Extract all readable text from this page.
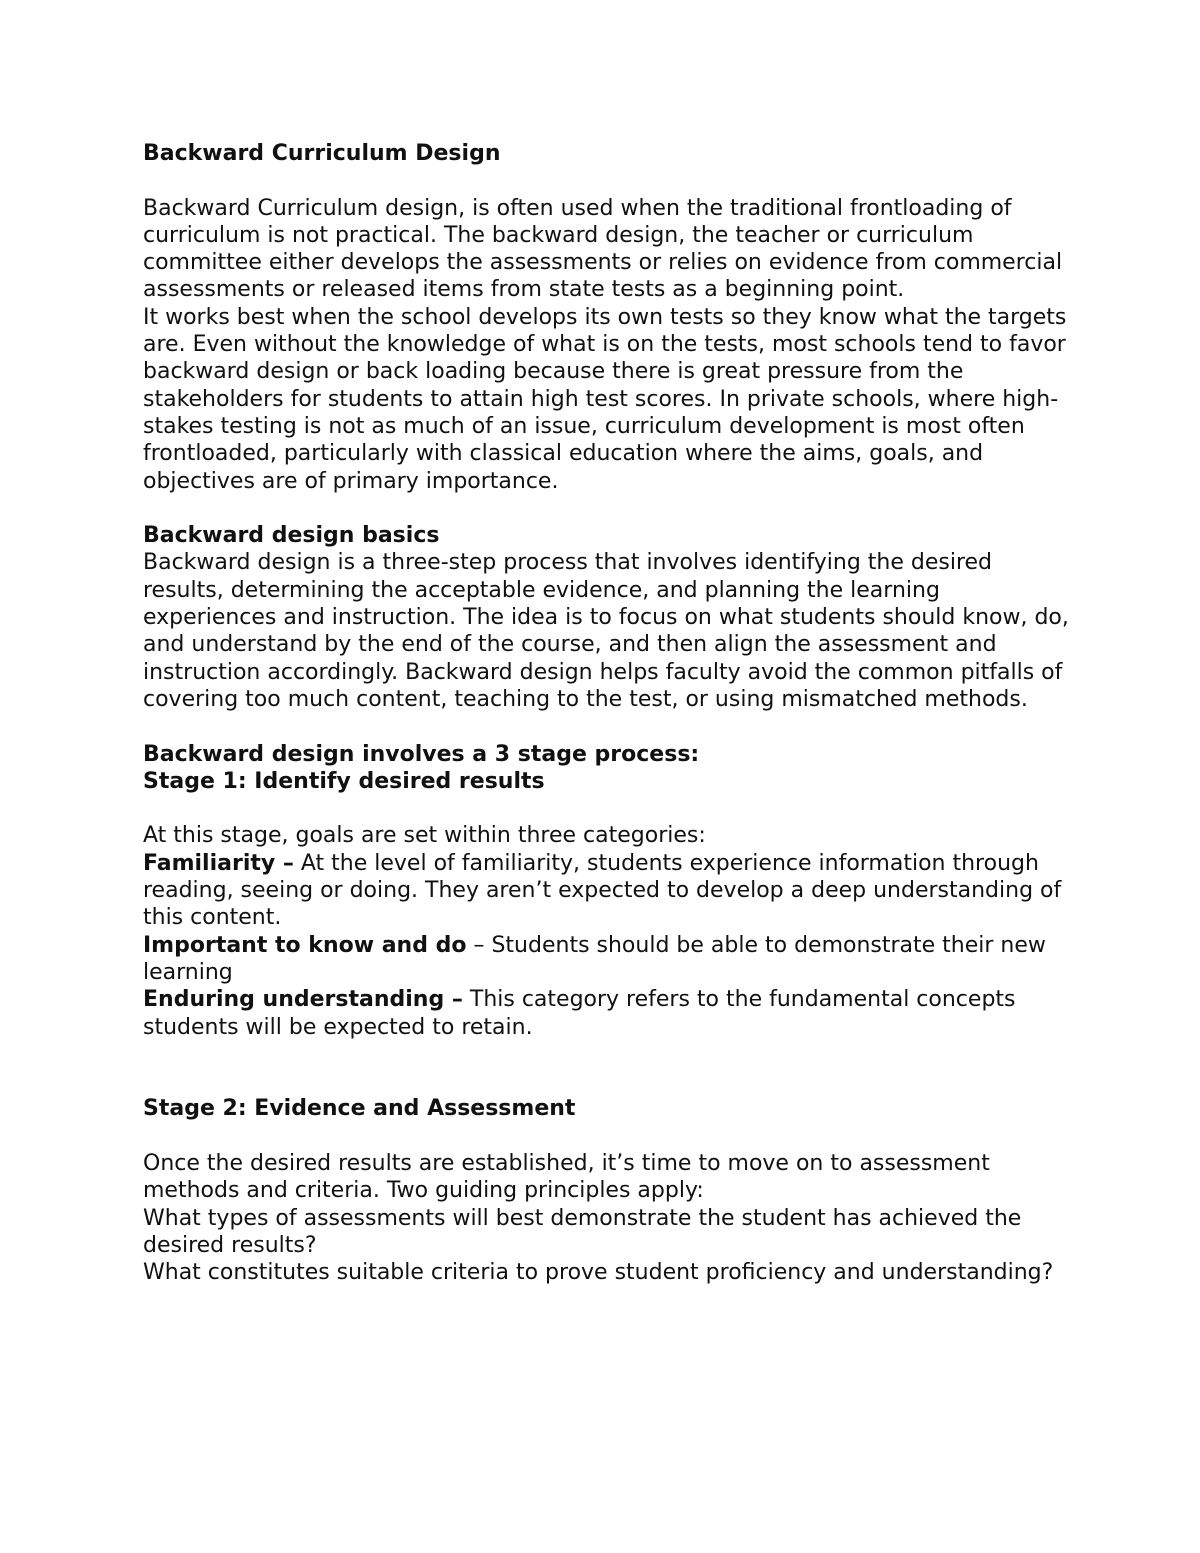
Backward Curriculum Design

Backward Curriculum design, is often used when the traditional frontloading of curriculum is not practical. The backward design, the teacher or curriculum committee either develops the assessments or relies on evidence from commercial assessments or released items from state tests as a beginning point.

It works best when the school develops its own tests so they know what the targets are. Even without the knowledge of what is on the tests, most schools tend to favor backward design or back loading because there is great pressure from the stakeholders for students to attain high test scores. In private schools, where high-stakes testing is not as much of an issue, curriculum development is most often frontloaded, particularly with classical education where the aims, goals, and objectives are of primary importance.

Backward design basics

Backward design is a three-step process that involves identifying the desired results, determining the acceptable evidence, and planning the learning experiences and instruction. The idea is to focus on what students should know, do, and understand by the end of the course, and then align the assessment and instruction accordingly. Backward design helps faculty avoid the common pitfalls of covering too much content, teaching to the test, or using mismatched methods.

Backward design involves a 3 stage process:

Stage 1: Identify desired results

At this stage, goals are set within three categories:

Familiarity – At the level of familiarity, students experience information through reading, seeing or doing. They aren’t expected to develop a deep understanding of this content.

Important to know and do – Students should be able to demonstrate their new learning

Enduring understanding – This category refers to the fundamental concepts students will be expected to retain.

Stage 2: Evidence and Assessment

Once the desired results are established, it’s time to move on to assessment methods and criteria. Two guiding principles apply:

What types of assessments will best demonstrate the student has achieved the desired results?

What constitutes suitable criteria to prove student proficiency and understanding?
